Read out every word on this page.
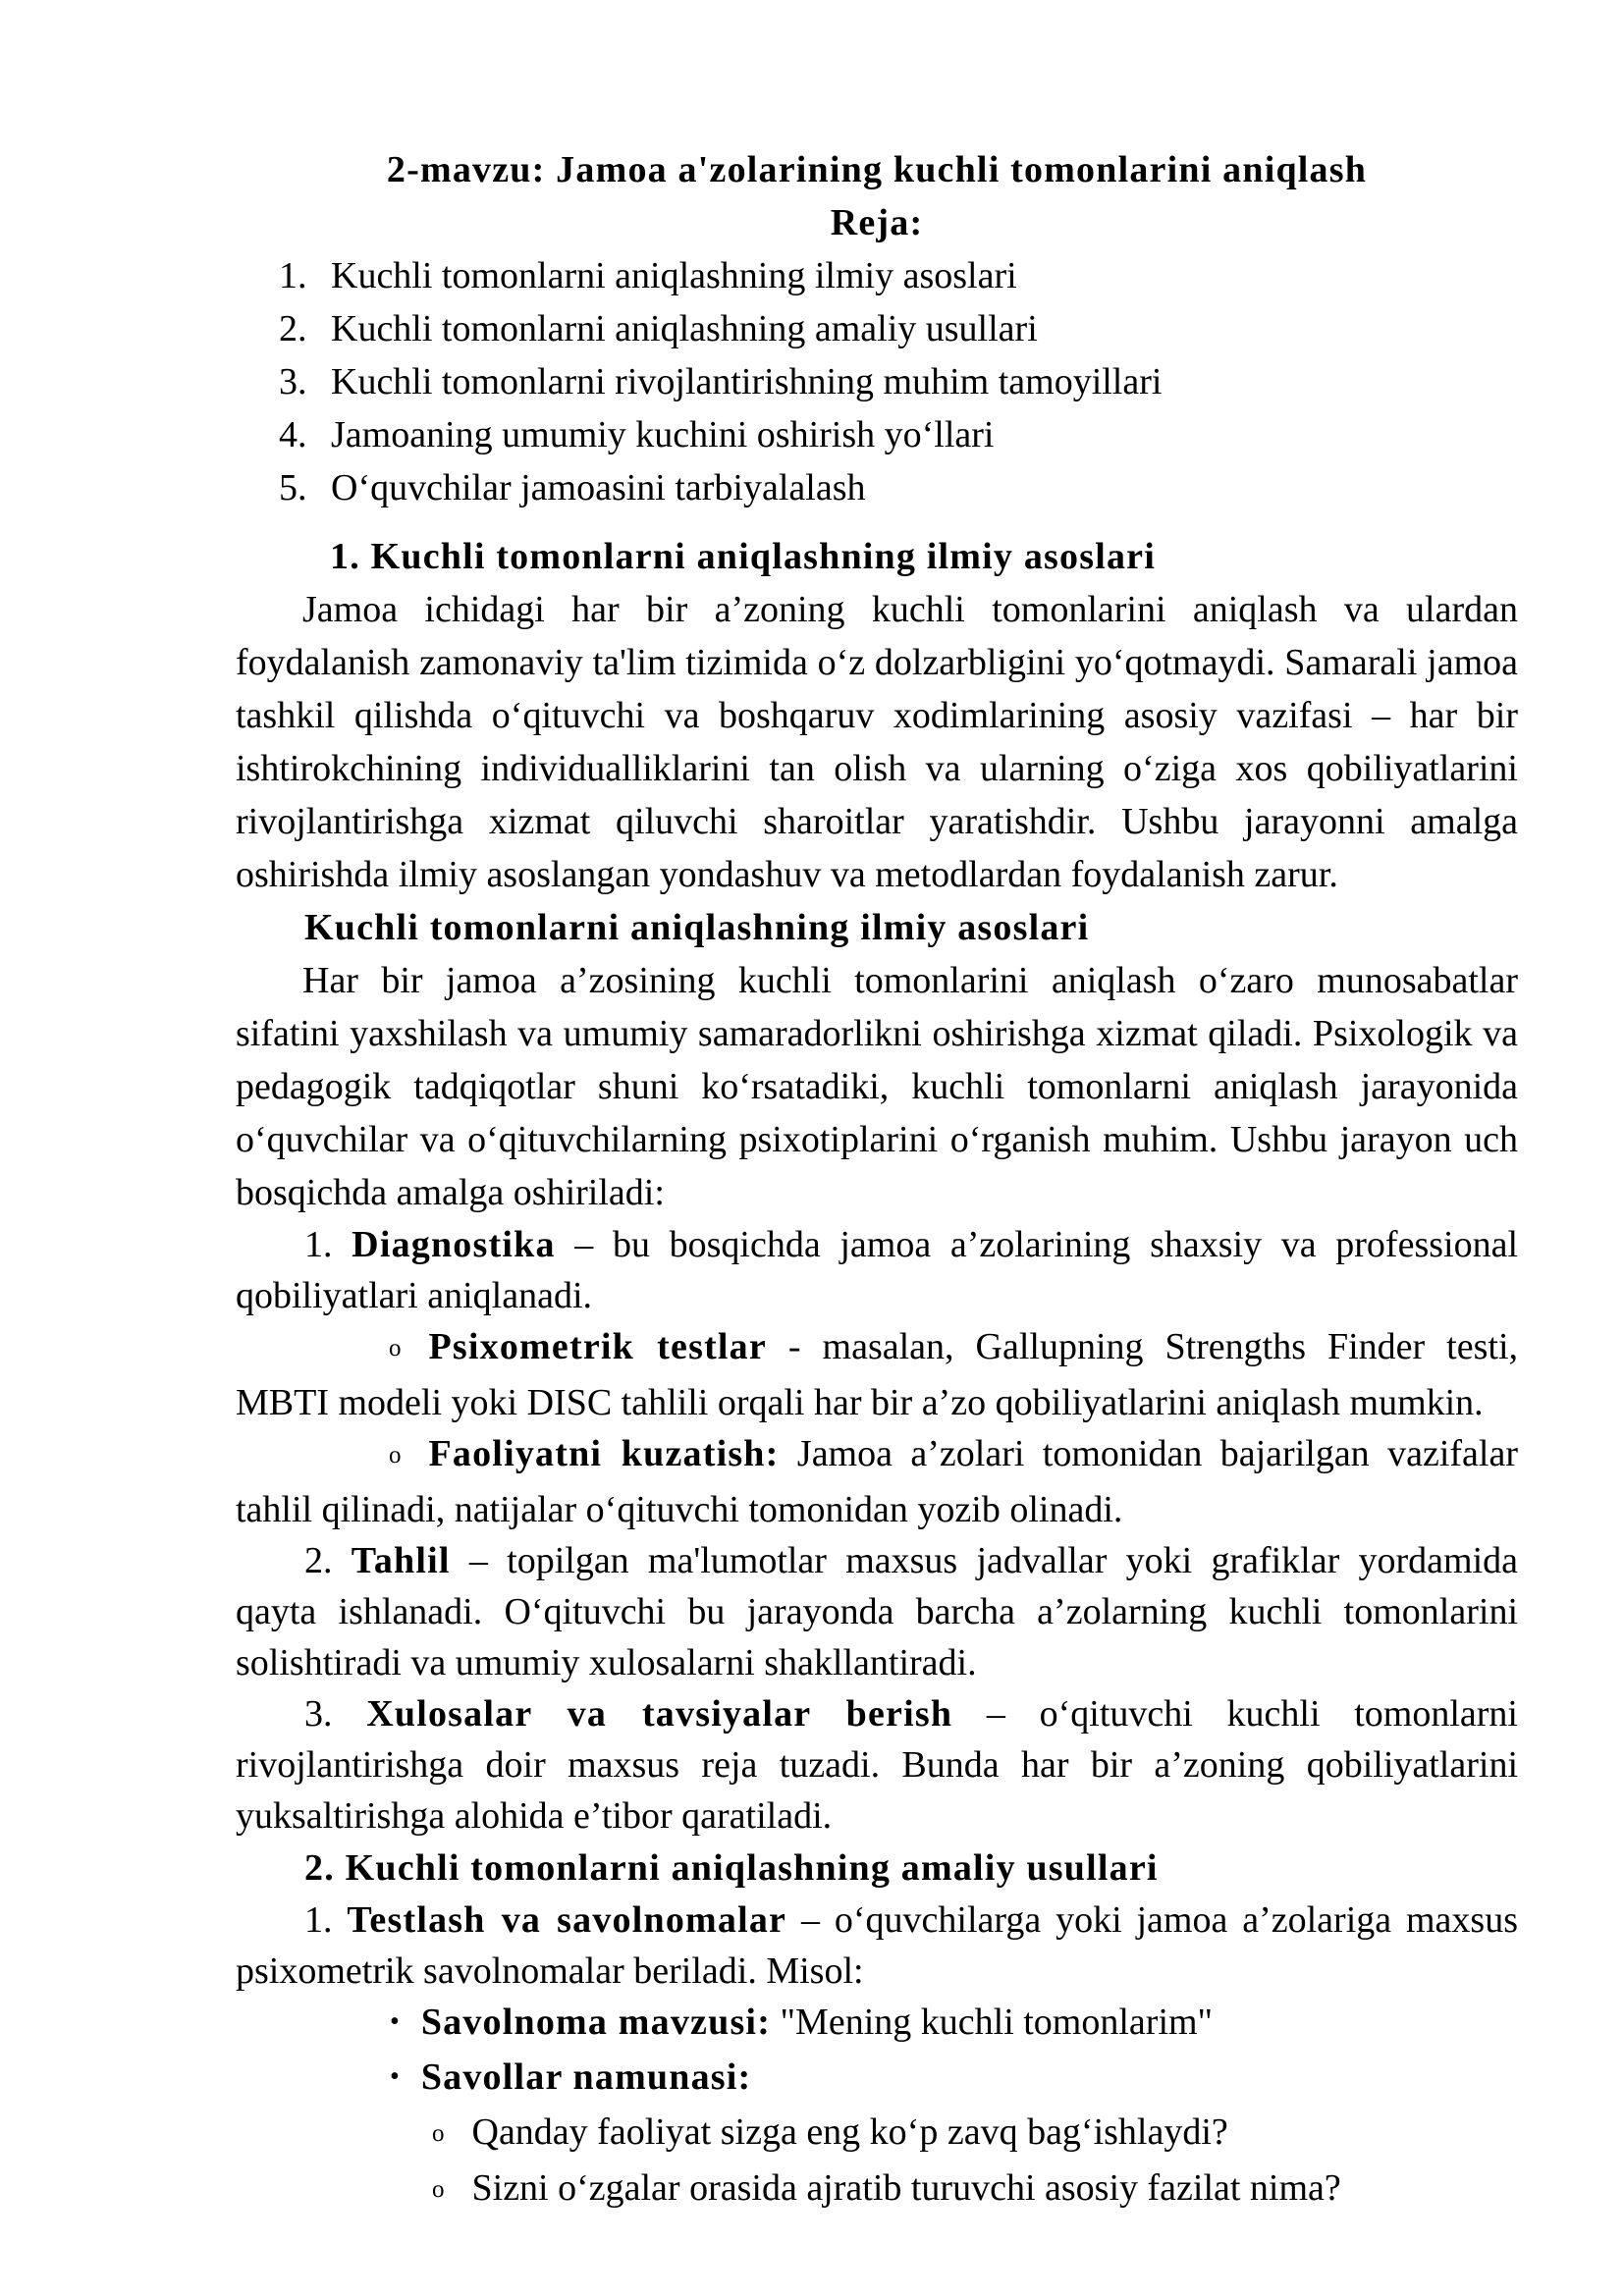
2-mavzu: Jamoa a'zolarining kuchli tomonlarini aniqlash

Reja:

1. Kuchli tomonlarni aniqlashning ilmiy asoslari

2. Kuchli tomonlarni aniqlashning amaliy usullari

3. Kuchli tomonlarni rivojlantirishning muhim tamoyillari

4. Jamoaning umumiy kuchini oshirish yo‘llari

5. O‘quvchilar jamoasini tarbiyalalash

1. Kuchli tomonlarni aniqlashning ilmiy asoslari

Jamoa ichidagi har bir a’zoning kuchli tomonlarini aniqlash va ulardan foydalanish zamonaviy ta'lim tizimida o‘z dolzarbligini yo‘qotmaydi. Samarali jamoa tashkil qilishda o‘qituvchi va boshqaruv xodimlarining asosiy vazifasi – har bir ishtirokchining individualliklarini tan olish va ularning o‘ziga xos qobiliyatlarini rivojlantirishga xizmat qiluvchi sharoitlar yaratishdir. Ushbu jarayonni amalga oshirishda ilmiy asoslangan yondashuv va metodlardan foydalanish zarur.

Kuchli tomonlarni aniqlashning ilmiy asoslari

Har bir jamoa a’zosining kuchli tomonlarini aniqlash o‘zaro munosabatlar sifatini yaxshilash va umumiy samaradorlikni oshirishga xizmat qiladi. Psixologik va pedagogik tadqiqotlar shuni ko‘rsatadiki, kuchli tomonlarni aniqlash jarayonida o‘quvchilar va o‘qituvchilarning psixotiplarini o‘rganish muhim. Ushbu jarayon uch bosqichda amalga oshiriladi:

1. Diagnostika – bu bosqichda jamoa a’zolarining shaxsiy va professional qobiliyatlari aniqlanadi.

o Psixometrik testlar - masalan, Gallupning Strengths Finder testi, MBTI modeli yoki DISC tahlili orqali har bir a’zo qobiliyatlarini aniqlash mumkin.

o Faoliyatni kuzatish: Jamoa a’zolari tomonidan bajarilgan vazifalar tahlil qilinadi, natijalar o‘qituvchi tomonidan yozib olinadi.

2. Tahlil – topilgan ma'lumotlar maxsus jadvallar yoki grafiklar yordamida qayta ishlanadi. O‘qituvchi bu jarayonda barcha a’zolarning kuchli tomonlarini solishtiradi va umumiy xulosalarni shakllantiradi.

3. Xulosalar va tavsiyalar berish – o‘qituvchi kuchli tomonlarni rivojlantirishga doir maxsus reja tuzadi. Bunda har bir a’zoning qobiliyatlarini yuksaltirishga alohida e’tibor qaratiladi.

2. Kuchli tomonlarni aniqlashning amaliy usullari

1. Testlash va savolnomalar – o‘quvchilarga yoki jamoa a’zolariga maxsus psixometrik savolnomalar beriladi. Misol:

• Savolnoma mavzusi: "Mening kuchli tomonlarim"

• Savollar namunasi:

o Qanday faoliyat sizga eng ko‘p zavq bag‘ishlaydi?

o Sizni o‘zgalar orasida ajratib turuvchi asosiy fazilat nima?
